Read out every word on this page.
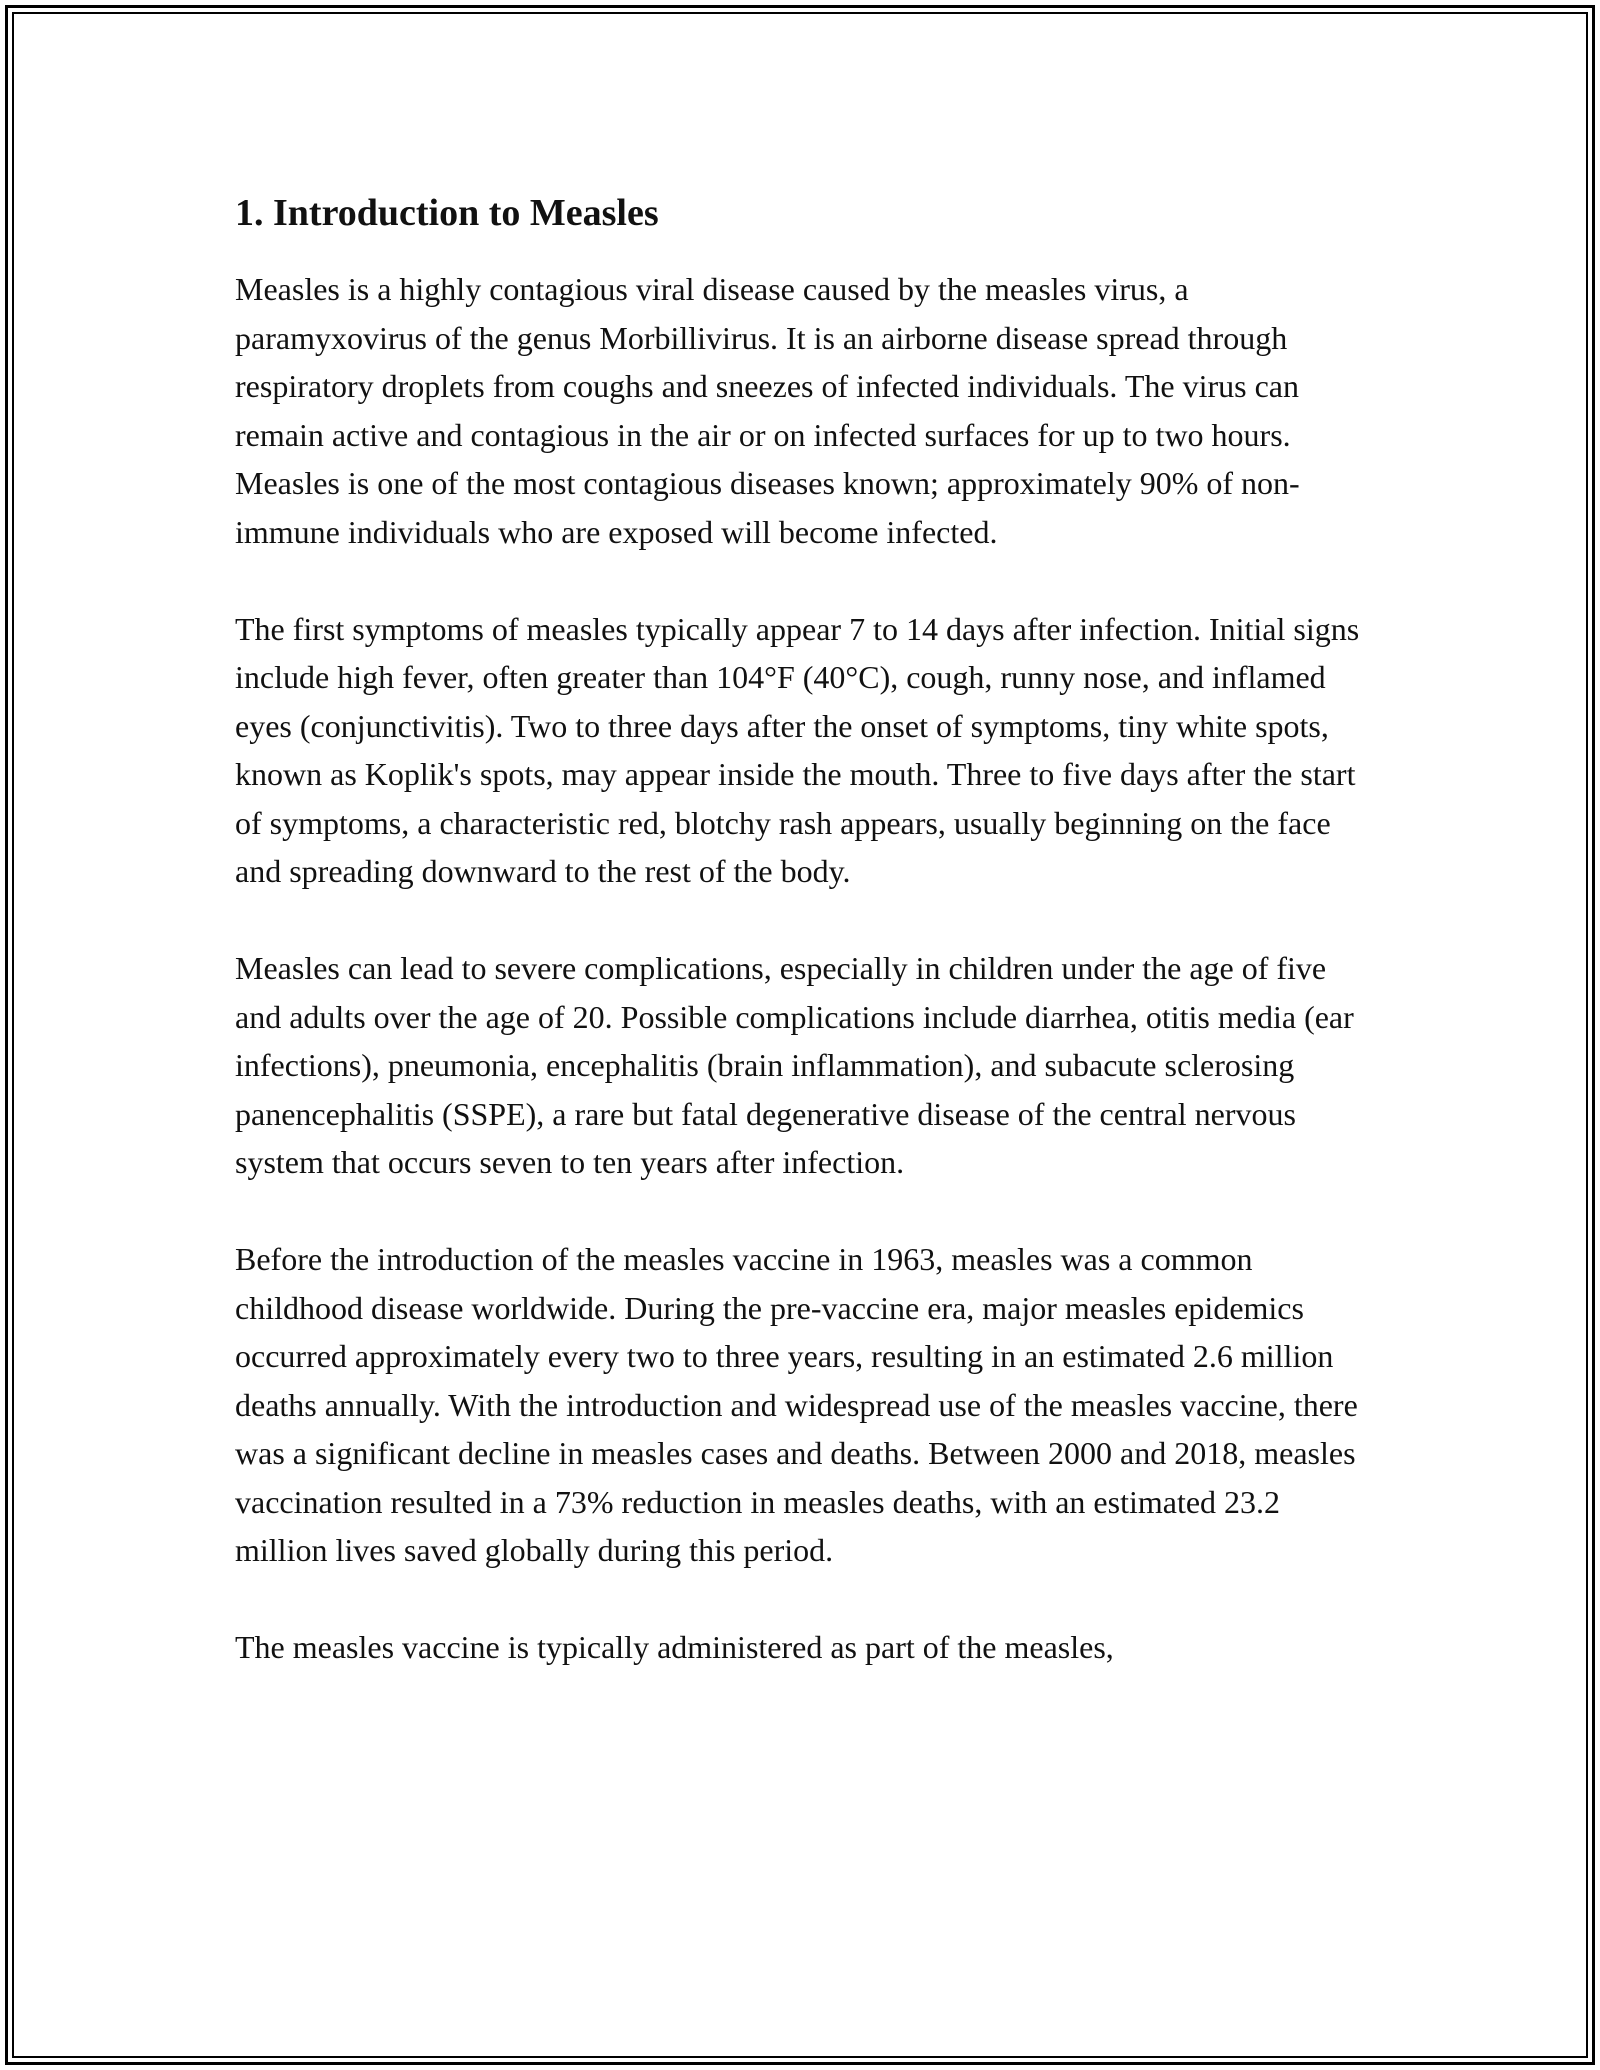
1. Introduction to Measles

Measles is a highly contagious viral disease caused by the measles virus, a paramyxovirus of the genus Morbillivirus. It is an airborne disease spread through respiratory droplets from coughs and sneezes of infected individuals. The virus can remain active and contagious in the air or on infected surfaces for up to two hours. Measles is one of the most contagious diseases known; approximately 90% of non-immune individuals who are exposed will become infected.

The first symptoms of measles typically appear 7 to 14 days after infection. Initial signs include high fever, often greater than 104°F (40°C), cough, runny nose, and inflamed eyes (conjunctivitis). Two to three days after the onset of symptoms, tiny white spots, known as Koplik's spots, may appear inside the mouth. Three to five days after the start of symptoms, a characteristic red, blotchy rash appears, usually beginning on the face and spreading downward to the rest of the body.

Measles can lead to severe complications, especially in children under the age of five and adults over the age of 20. Possible complications include diarrhea, otitis media (ear infections), pneumonia, encephalitis (brain inflammation), and subacute sclerosing panencephalitis (SSPE), a rare but fatal degenerative disease of the central nervous system that occurs seven to ten years after infection.

Before the introduction of the measles vaccine in 1963, measles was a common childhood disease worldwide. During the pre-vaccine era, major measles epidemics occurred approximately every two to three years, resulting in an estimated 2.6 million deaths annually. With the introduction and widespread use of the measles vaccine, there was a significant decline in measles cases and deaths. Between 2000 and 2018, measles vaccination resulted in a 73% reduction in measles deaths, with an estimated 23.2 million lives saved globally during this period.

The measles vaccine is typically administered as part of the measles,
